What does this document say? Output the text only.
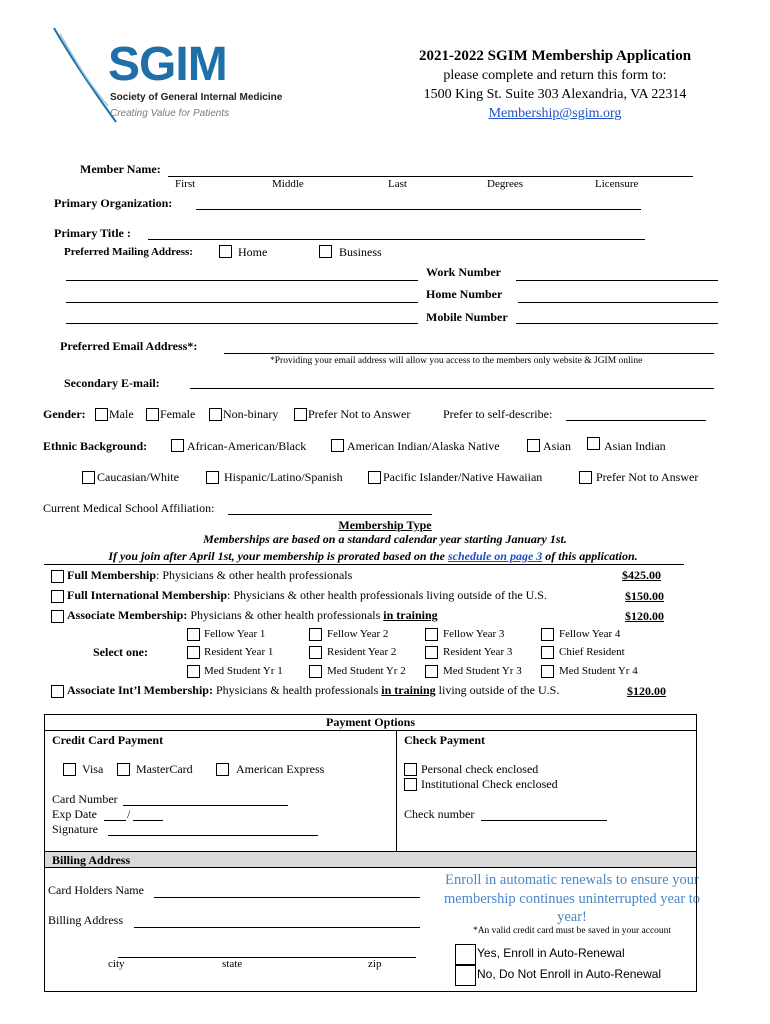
SGIM
Society of General Internal Medicine
Creating Value for Patients
2021-2022 SGIM Membership Application
please complete and return this form to:
1500 King St. Suite 303 Alexandria, VA 22314
Membership@sgim.org
Member Name:
First	Middle	Last	Degrees	Licensure
Primary Organization:
Primary Title :
Preferred Mailing Address:	Home	Business
Work Number
Home Number
Mobile Number
Preferred Email Address*:
*Providing your email address will allow you access to the members only website & JGIM online
Secondary E-mail:
Gender: Male Female Non-binary Prefer Not to Answer	Prefer to self-describe:
Ethnic Background:	African-American/Black	American Indian/Alaska Native	Asian	Asian Indian
Caucasian/White	Hispanic/Latino/Spanish	Pacific Islander/Native Hawaiian	Prefer Not to Answer
Current Medical School Affiliation:
Membership Type
Memberships are based on a standard calendar year starting January 1st.
If you join after April 1st, your membership is prorated based on the schedule on page 3 of this application.
Full Membership: Physicians & other health professionals	$425.00
Full International Membership: Physicians & other health professionals living outside of the U.S.	$150.00
Associate Membership: Physicians & other health professionals in training	$120.00
Select one:
Fellow Year 1	Fellow Year 2	Fellow Year 3	Fellow Year 4
Resident Year 1	Resident Year 2	Resident Year 3	Chief Resident
Med Student Yr 1	Med Student Yr 2	Med Student Yr 3	Med Student Yr 4
Associate Int’l Membership: Physicians & health professionals in training living outside of the U.S.	$120.00
Payment Options
Credit Card Payment	Check Payment
Visa	MasterCard	American Express	Personal check enclosed
Institutional Check enclosed
Card Number
Exp Date	/
Signature
Check number
Billing Address
Card Holders Name
Billing Address
city	state	zip
Enroll in automatic renewals to ensure your membership continues uninterrupted year to year!
*An valid credit card must be saved in your account
Yes, Enroll in Auto-Renewal
No, Do Not Enroll in Auto-Renewal
